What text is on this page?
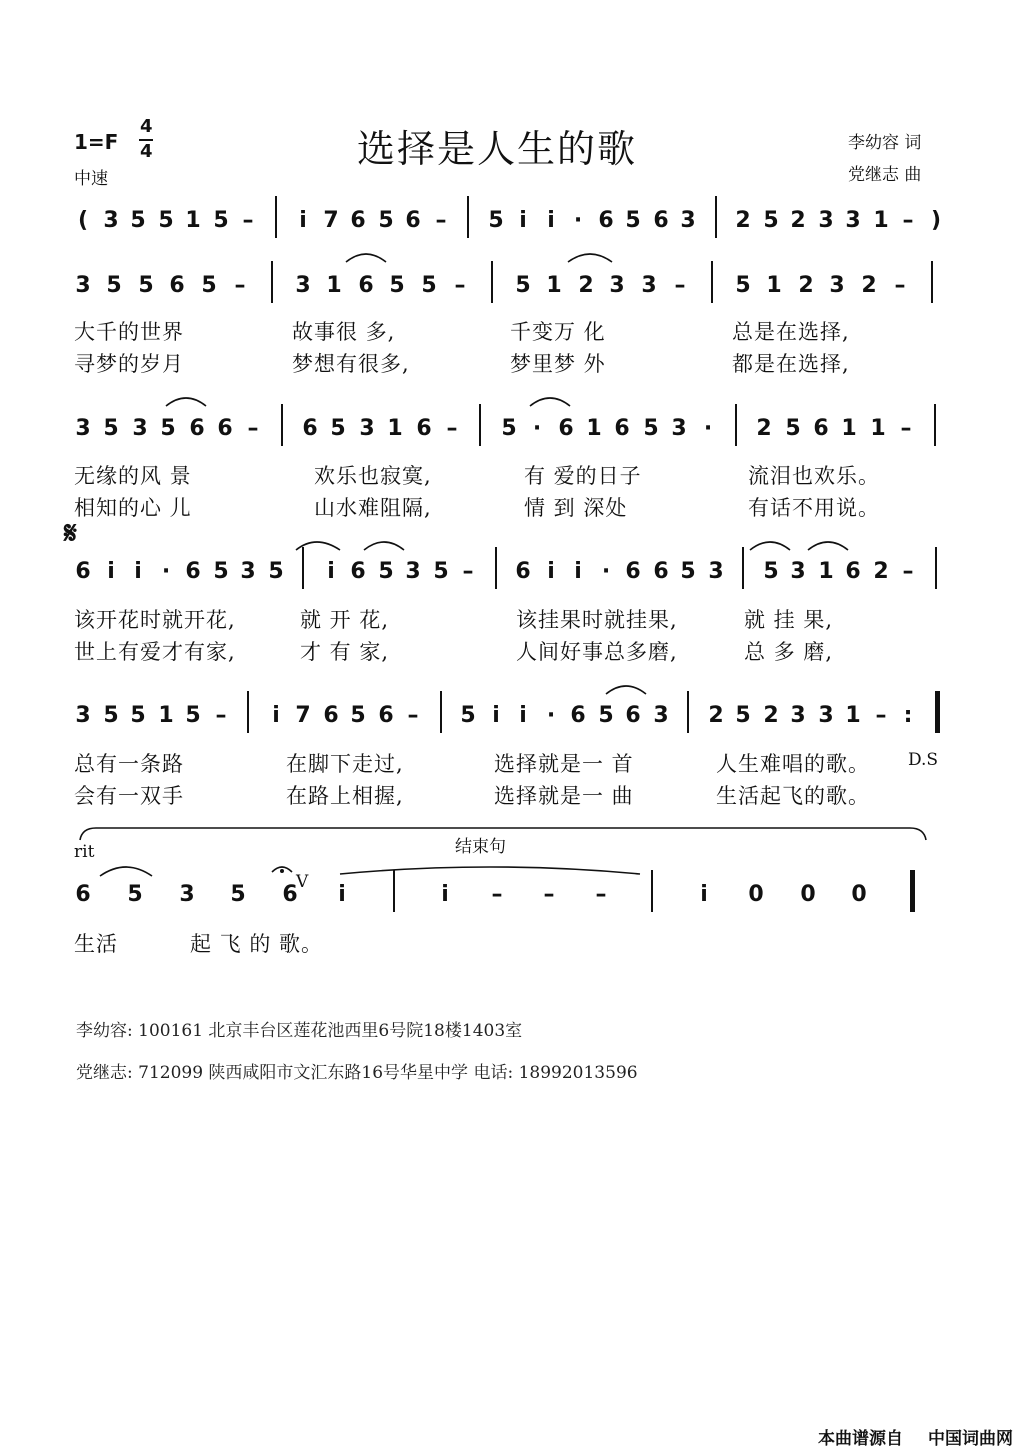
1=F
4
4
中速
选择是人生的歌	李幼容 词
党继志 曲
( 3 5 5 1 5 –	i 7 6 5 6 – 5 i i · 6 5 6 3 2 5 2 3 3 1 – )
3 5 5 6 5 – 3 1 6 5 5 – 5 1 2 3 3 – 5 1 2 3 2 –
3 5 3 5 6 6 – 6 5 3 1 6 – 5 · 6 1 6 5 3 ·	2 5 6 1 1 –
6 i i · 6 5 3 5	i 6 5 3 5 – 6 i i · 6 6 5 3 5 3 1 6 2 –
3 5 5 1 5 –	i 7 6 5 6 – 5 i i · 6 5 6 3 2 5 2 3 3 1 – :
6 5 3 5 6	i	i	– – –	i	0 0 0
大千的世界	故事很 多,	千变万 化	总是在选择,
寻梦的岁月	梦想有很多,	梦里梦 外	都是在选择,
无缘的风 景	欢乐也寂寞,	有 爱的日子	流泪也欢乐。
相知的心 儿	山水难阻隔,	情 到 深处	有话不用说。
该开花时就开花,	就 开 花,	该挂果时就挂果,	就 挂 果,
世上有爱才有家,	才 有 家,	人间好事总多磨,	总 多 磨,
总有一条路	在脚下走过,	选择就是一 首	人生难唱的歌。 D.S
会有一双手	在路上相握,	选择就是一 曲	生活起飞的歌。
生活	起 飞 的 歌。
𝄋
rit	结束句
V
李幼容: 100161 北京丰台区莲花池西里6号院18楼1403室
党继志: 712099 陕西咸阳市文汇东路16号华星中学 电话: 18992013596
本曲谱源自 中国词曲网
